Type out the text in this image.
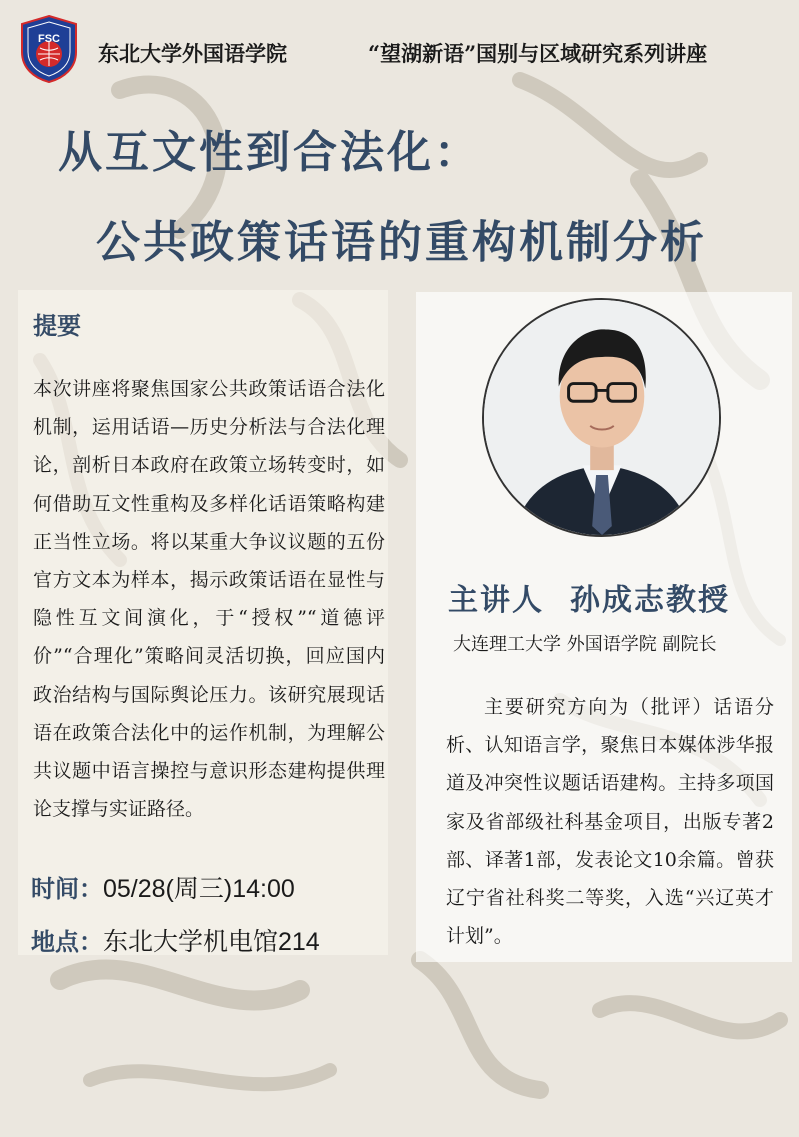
FSC
东北大学外国语学院	“望湖新语”国别与区域研究系列讲座
从互文性到合法化：
公共政策话语的重构机制分析
提要
本次讲座将聚焦国家公共政策话语合法化机制，运用话语—历史分析法与合法化理论，剖析日本政府在政策立场转变时，如何借助互文性重构及多样化话语策略构建正当性立场。将以某重大争议议题的五份官方文本为样本，揭示政策话语在显性与隐性互文间演化，于“授权”“道德评价”“合理化”策略间灵活切换，回应国内政治结构与国际舆论压力。该研究展现话语在政策合法化中的运作机制，为理解公共议题中语言操控与意识形态建构提供理论支撑与实证路径。
时间：05/28(周三)14:00
地点：东北大学机电馆214
主讲人 孙成志教授
大连理工大学 外国语学院 副院长
主要研究方向为（批评）话语分析、认知语言学，聚焦日本媒体涉华报道及冲突性议题话语建构。主持多项国家及省部级社科基金项目，出版专著2部、译著1部，发表论文10余篇。曾获辽宁省社科奖二等奖，入选“兴辽英才计划”。
